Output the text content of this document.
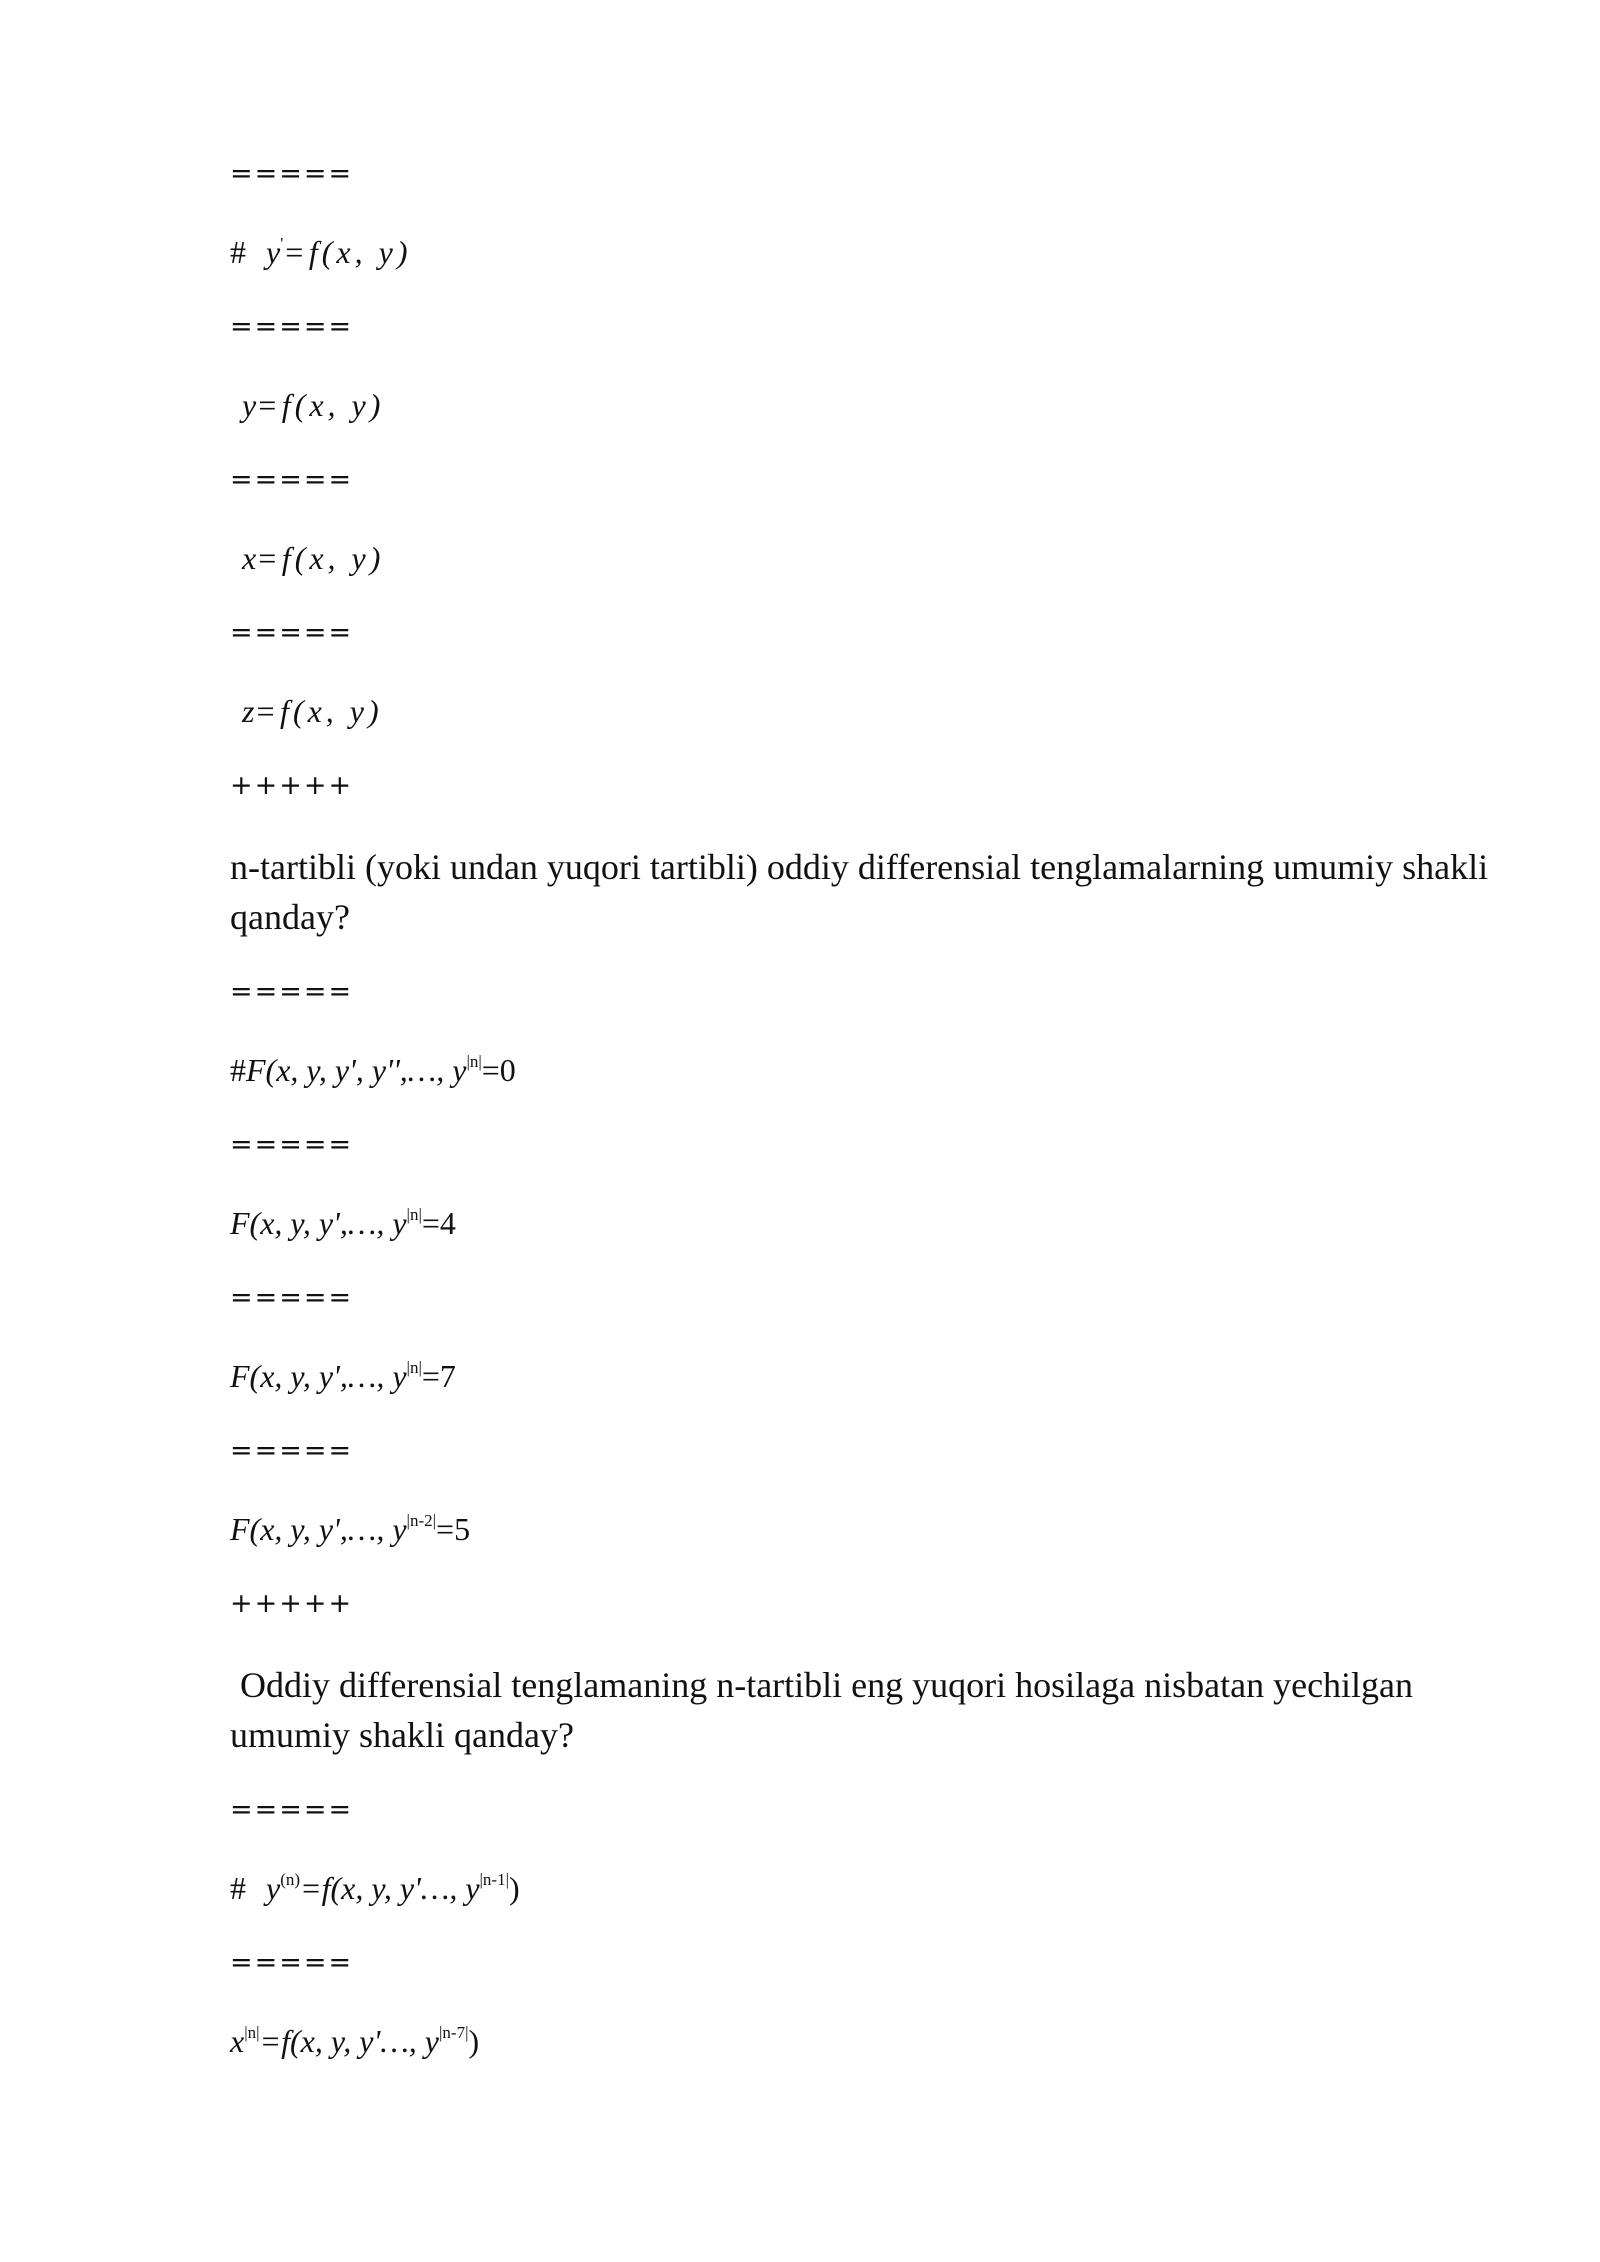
=====
# y'=f(x, y)
=====
y=f(x, y)
=====
x=f(x, y)
=====
z=f(x, y)
+++++
n-tartibli (yoki undan yuqori tartibli) oddiy differensial tenglamalarning umumiy shakli qanday?
=====
#F(x, y, y', y'',…, $y^{|n|}=0$
=====
F(x, y, y',…, $y^{|n|}=4$
=====
F(x, y, y',…, $y^{|n|}=7$
=====
F(x, y, y',…, $y^{|n-2|}=5$
+++++
Oddiy differensial tenglamaning n-tartibli eng yuqori hosilaga nisbatan yechilgan umumiy shakli qanday?
=====
# $y^{(n)}=f(x$, y, y'…, $y^{|n-1|}$)
=====
$x^{|n|}=f(x$, y, y'…, $y^{|n-7|}$)
